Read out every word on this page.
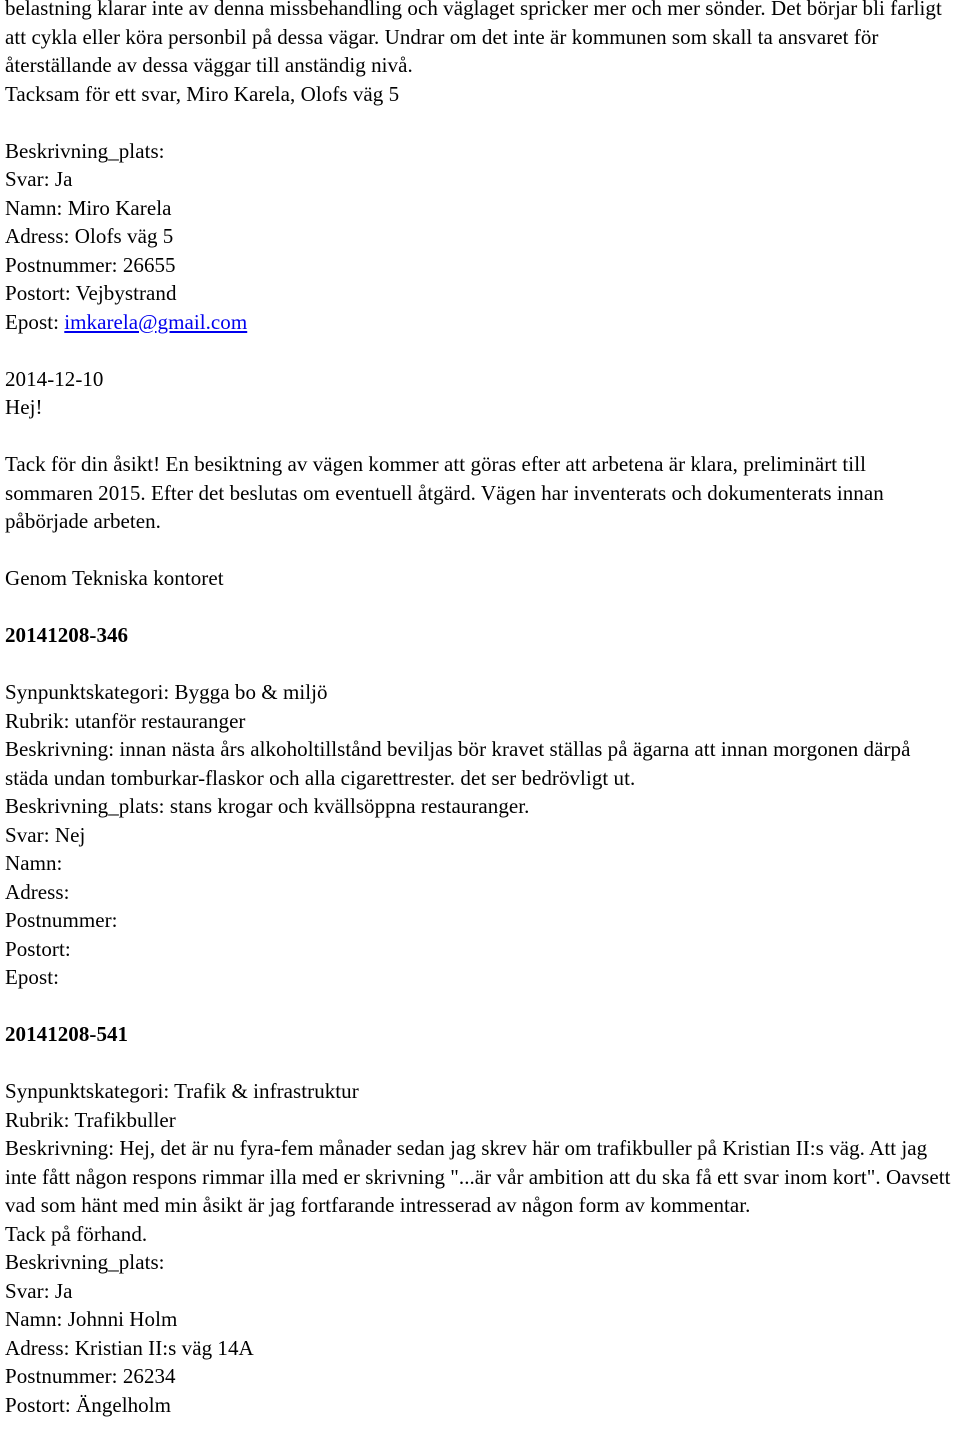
belastning klarar inte av denna missbehandling och väglaget spricker mer och mer sönder. Det börjar bli farligt att cykla eller köra personbil på dessa vägar. Undrar om det inte är kommunen som skall ta ansvaret för återställande av dessa väggar till anständig nivå.

Tacksam för ett svar, Miro Karela, Olofs väg 5

Beskrivning_plats:
Svar: Ja
Namn: Miro Karela
Adress: Olofs väg 5
Postnummer: 26655
Postort: Vejbystrand
Epost: imkarela@gmail.com
2014-12-10
Hej!

Tack för din åsikt! En besiktning av vägen kommer att göras efter att arbetena är klara, preliminärt till sommaren 2015. Efter det beslutas om eventuell åtgärd. Vägen har inventerats och dokumenterats innan påbörjade arbeten.

Genom Tekniska kontoret
20141208-346
Synpunktskategori: Bygga bo & miljö
Rubrik: utanför restauranger

Beskrivning: innan nästa års alkoholtillstånd beviljas bör kravet ställas på ägarna att innan morgonen därpå städa undan tomburkar-flaskor och alla cigarettrester. det ser bedrövligt ut.

Beskrivning_plats: stans krogar och kvällsöppna restauranger.
Svar: Nej
Namn:
Adress:
Postnummer:
Postort:
Epost:
20141208-541
Synpunktskategori: Trafik & infrastruktur
Rubrik: Trafikbuller

Beskrivning: Hej, det är nu fyra-fem månader sedan jag skrev här om trafikbuller på Kristian II:s väg. Att jag inte fått någon respons rimmar illa med er skrivning "...är vår ambition att du ska få ett svar inom kort". Oavsett vad som hänt med min åsikt är jag fortfarande intresserad av någon form av kommentar.

Tack på förhand.
Beskrivning_plats:
Svar: Ja
Namn: Johnni Holm
Adress: Kristian II:s väg 14A
Postnummer: 26234
Postort: Ängelholm
